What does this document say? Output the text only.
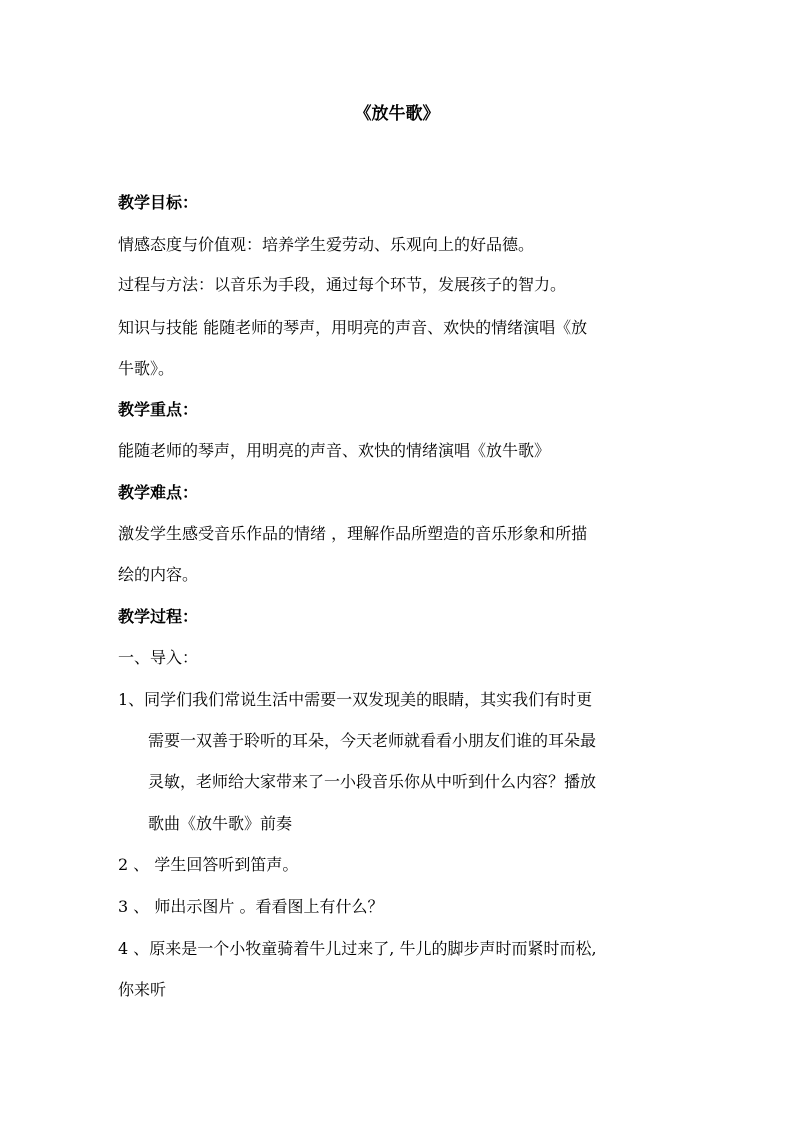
《放牛歌》
教学目标：
情感态度与价值观：培养学生爱劳动、乐观向上的好品德。
过程与方法：以音乐为手段，通过每个环节，发展孩子的智力。
知识与技能 能随老师的琴声，用明亮的声音、欢快的情绪演唱《放
牛歌》。
教学重点：
能随老师的琴声，用明亮的声音、欢快的情绪演唱《放牛歌》
教学难点：
激发学生感受音乐作品的情绪 ，理解作品所塑造的音乐形象和所描
绘的内容。
教学过程：
一、导入：
1、同学们我们常说生活中需要一双发现美的眼睛，其实我们有时更
需要一双善于聆听的耳朵，今天老师就看看小朋友们谁的耳朵最
灵敏，老师给大家带来了一小段音乐你从中听到什么内容？播放
歌曲《放牛歌》前奏
2 、 学生回答听到笛声。
3 、 师出示图片 。看看图上有什么？
4 、原来是一个小牧童骑着牛儿过来了, 牛儿的脚步声时而紧时而松,
你来听
